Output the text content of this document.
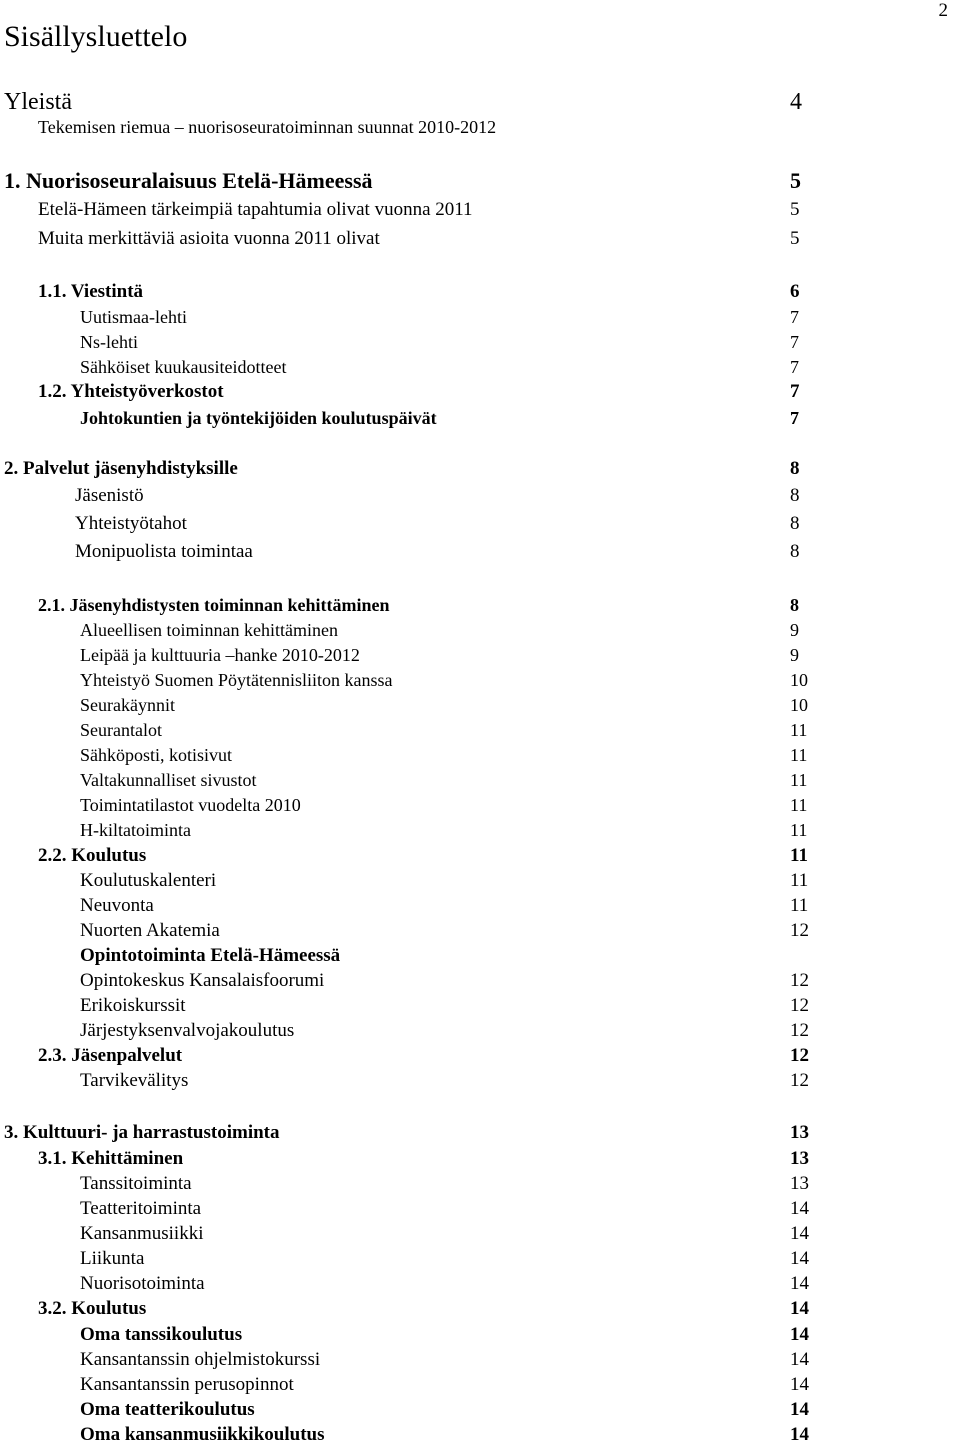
2
Sisällysluettelo
Yleistä	4
Tekemisen riemua – nuorisoseuratoiminnan suunnat 2010-2012
1. Nuorisoseuralaisuus Etelä-Hämeessä	5
Etelä-Hämeen tärkeimpiä tapahtumia olivat vuonna 2011	5
Muita merkittäviä asioita vuonna 2011 olivat	5
1.1. Viestintä	6
Uutismaa-lehti	7
Ns-lehti	7
Sähköiset kuukausiteidotteet	7
1.2. Yhteistyöverkostot	7
Johtokuntien ja työntekijöiden koulutuspäivät	7
2. Palvelut jäsenyhdistyksille	8
Jäsenistö	8
Yhteistyötahot	8
Monipuolista toimintaa	8
2.1. Jäsenyhdistysten toiminnan kehittäminen	8
Alueellisen toiminnan kehittäminen	9
Leipää ja kulttuuria –hanke 2010-2012	9
Yhteistyö Suomen Pöytätennisliiton kanssa	10
Seurakäynnit	10
Seurantalot	11
Sähköposti, kotisivut	11
Valtakunnalliset sivustot	11
Toimintatilastot vuodelta 2010	11
H-kiltatoiminta	11
2.2. Koulutus	11
Koulutuskalenteri	11
Neuvonta	11
Nuorten Akatemia	12
Opintotoiminta Etelä-Hämeessä
Opintokeskus Kansalaisfoorumi	12
Erikoiskurssit	12
Järjestyksenvalvojakoulutus	12
2.3. Jäsenpalvelut	12
Tarvikevälitys	12
3. Kulttuuri- ja harrastustoiminta	13
3.1. Kehittäminen	13
Tanssitoiminta	13
Teatteritoiminta	14
Kansanmusiikki	14
Liikunta	14
Nuorisotoiminta	14
3.2. Koulutus	14
Oma tanssikoulutus	14
Kansantanssin ohjelmistokurssi	14
Kansantanssin perusopinnot	14
Oma teatterikoulutus	14
Oma kansanmusiikkikoulutus	14
